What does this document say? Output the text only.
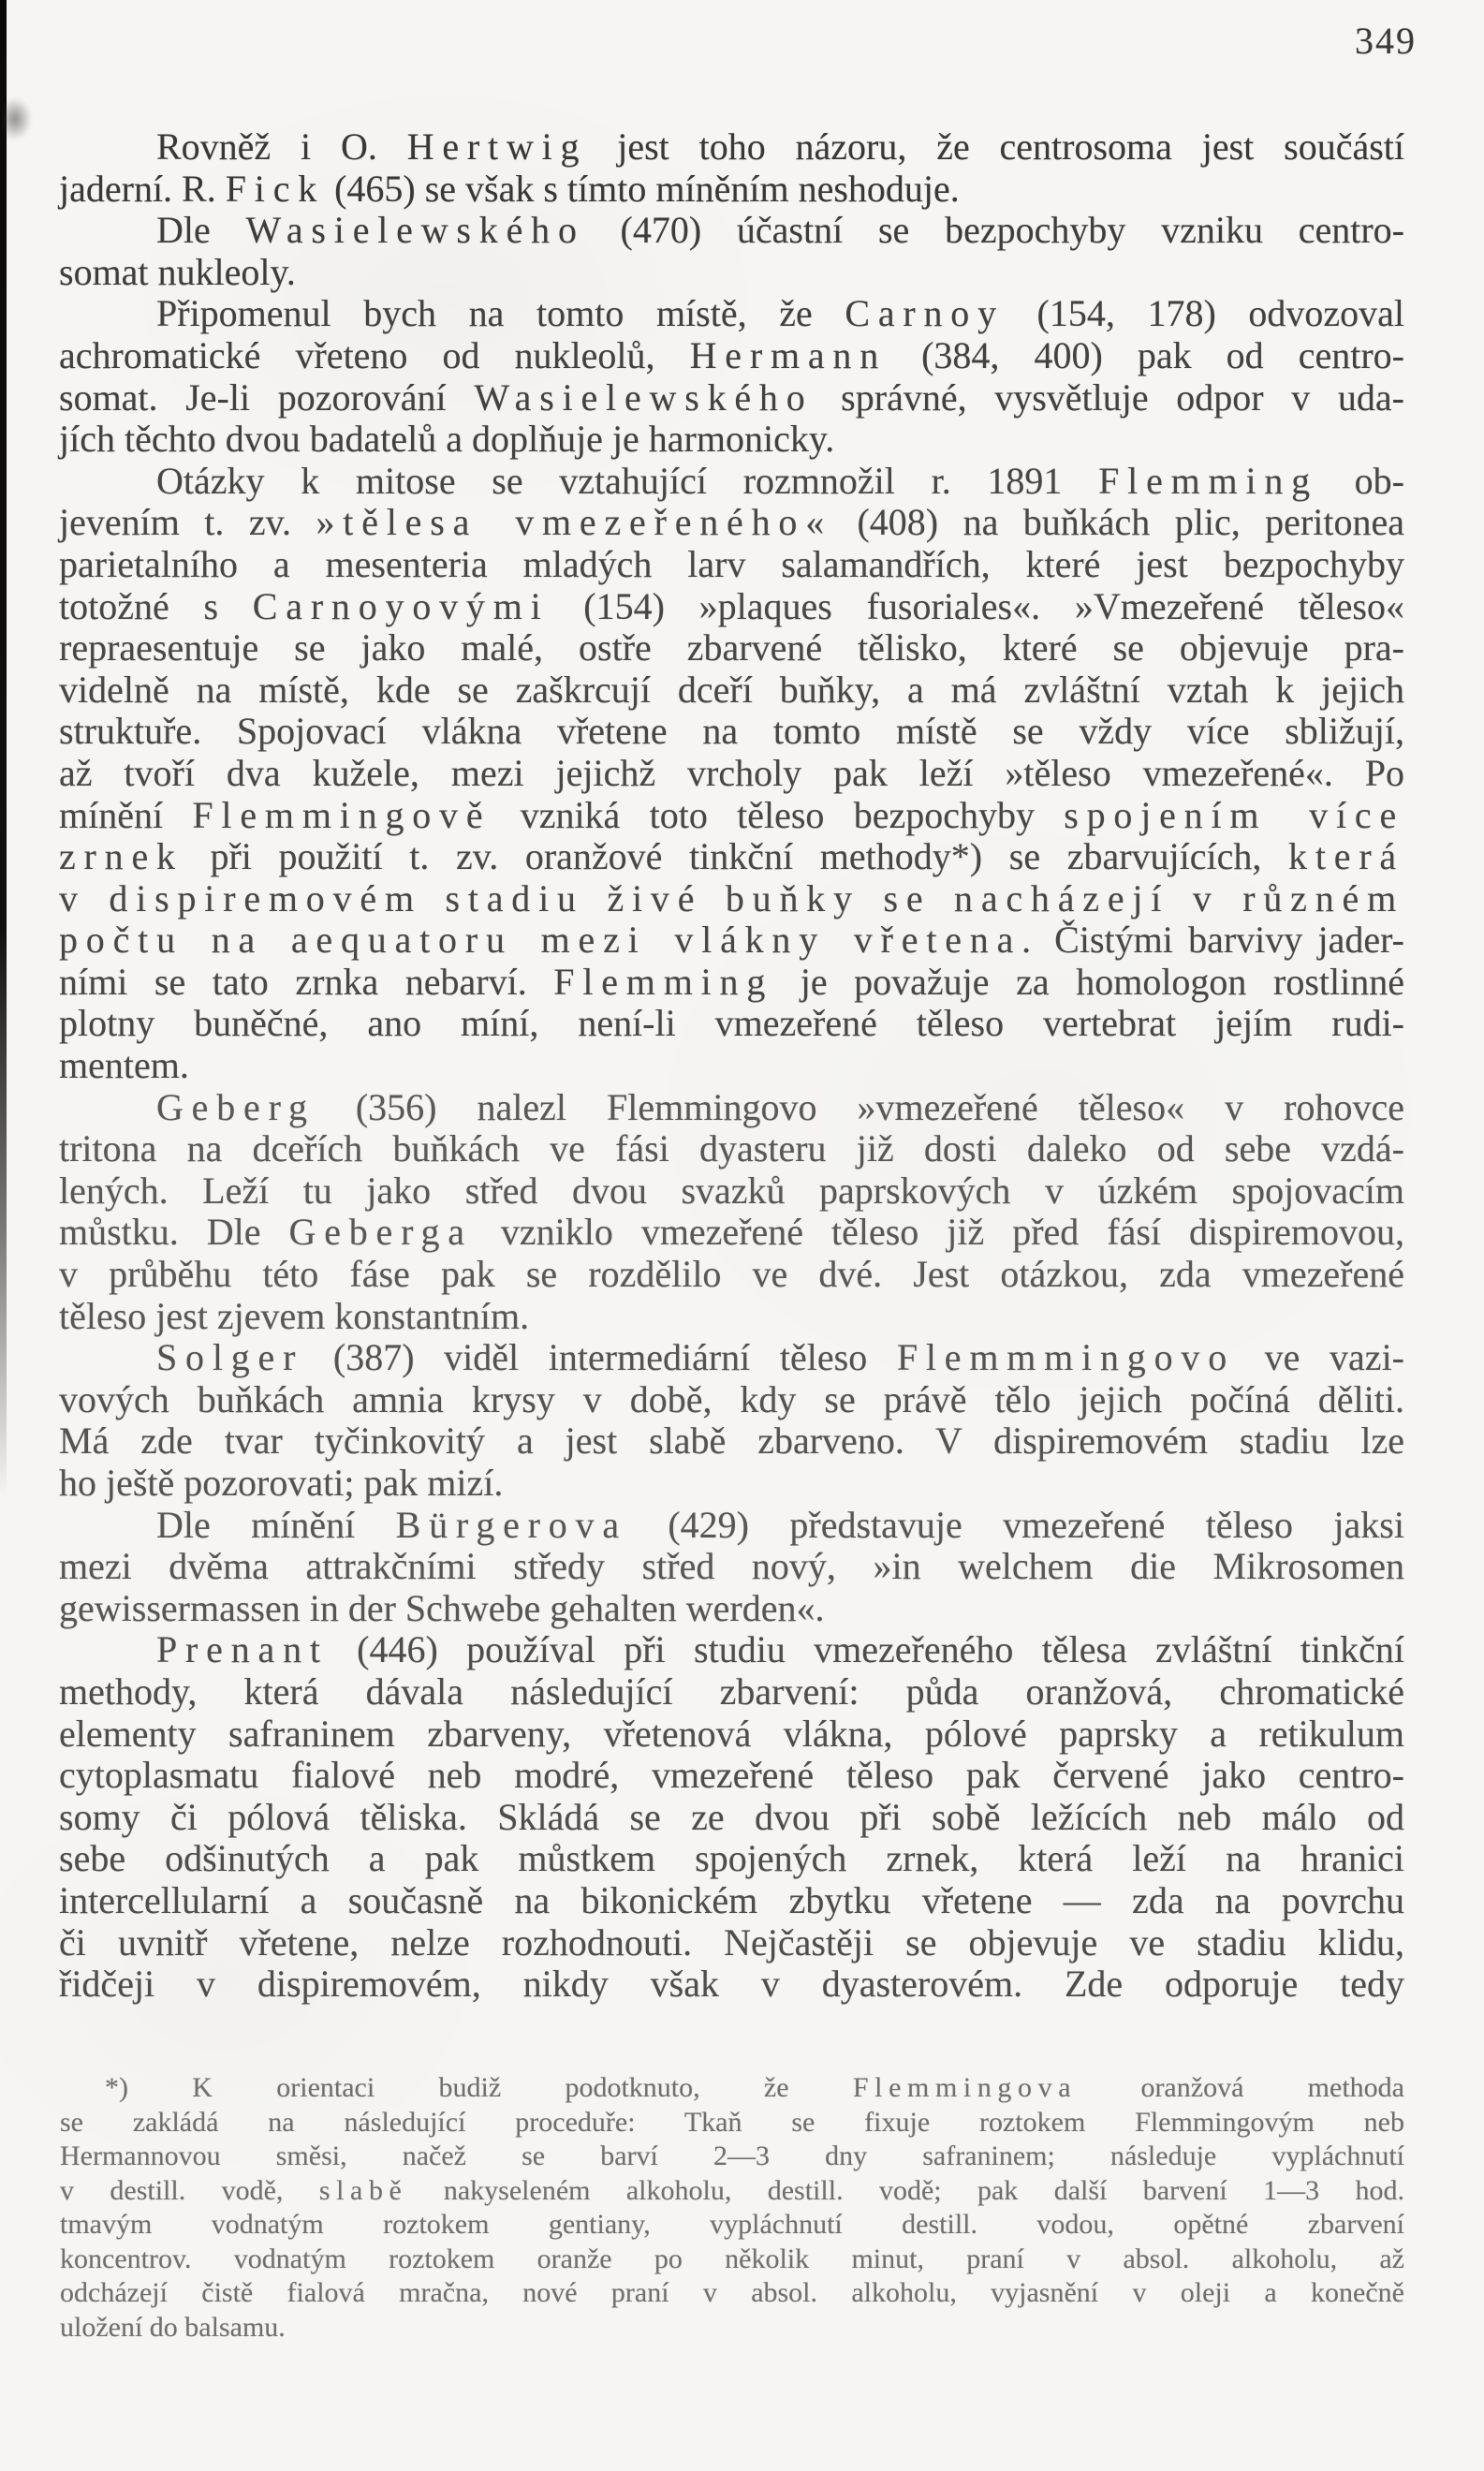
349
Rovněž i O. Hertwig jest toho názoru, že centrosoma jest součástí
jaderní. R. Fick (465) se však s tímto míněním neshoduje.
Dle Wasielewského (470) účastní se bezpochyby vzniku centro-
somat nukleoly.
Připomenul bych na tomto místě, že Carnoy (154, 178) odvozoval
achromatické vřeteno od nukleolů, Hermann (384, 400) pak od centro-
somat. Je-li pozorování Wasielewského správné, vysvětluje odpor v uda-
jích těchto dvou badatelů a doplňuje je harmonicky.
Otázky k mitose se vztahující rozmnožil r. 1891 Flemming ob-
jevením t. zv. »tělesa vmezeřeného« (408) na buňkách plic, peritonea
parietalního a mesenteria mladých larv salamandřích, které jest bezpochyby
totožné s Carnoyovými (154) »plaques fusoriales«. »Vmezeřené těleso«
repraesentuje se jako malé, ostře zbarvené tělisko, které se objevuje pra-
videlně na místě, kde se zaškrcují dceří buňky, a má zvláštní vztah k jejich
struktuře. Spojovací vlákna vřetene na tomto místě se vždy více sbližují,
až tvoří dva kužele, mezi jejichž vrcholy pak leží »těleso vmezeřené«. Po
mínění Flemmingově vzniká toto těleso bezpochyby spojením více
zrnek při použití t. zv. oranžové tinkční methody*) se zbarvujících, která
v dispiremovém stadiu živé buňky se nacházejí v různém
počtu na aequatoru mezi vlákny vřetena. Čistými barvivy jader-
ními se tato zrnka nebarví. Flemming je považuje za homologon rostlinné
plotny buněčné, ano míní, není-li vmezeřené těleso vertebrat jejím rudi-
mentem.
Geberg (356) nalezl Flemmingovo »vmezeřené těleso« v rohovce
tritona na dceřích buňkách ve fási dyasteru již dosti daleko od sebe vzdá-
lených. Leží tu jako střed dvou svazků paprskových v úzkém spojovacím
můstku. Dle Geberga vzniklo vmezeřené těleso již před fásí dispiremovou,
v průběhu této fáse pak se rozdělilo ve dvé. Jest otázkou, zda vmezeřené
těleso jest zjevem konstantním.
Solger (387) viděl intermediární těleso Flemmmingovo ve vazi-
vových buňkách amnia krysy v době, kdy se právě tělo jejich počíná děliti.
Má zde tvar tyčinkovitý a jest slabě zbarveno. V dispiremovém stadiu lze
ho ještě pozorovati; pak mizí.
Dle mínění Bürgerova (429) představuje vmezeřené těleso jaksi
mezi dvěma attrakčními středy střed nový, »in welchem die Mikrosomen
gewissermassen in der Schwebe gehalten werden«.
Prenant (446) používal při studiu vmezeřeného tělesa zvláštní tinkční
methody, která dávala následující zbarvení: půda oranžová, chromatické
elementy safraninem zbarveny, vřetenová vlákna, pólové paprsky a retikulum
cytoplasmatu fialové neb modré, vmezeřené těleso pak červené jako centro-
somy či pólová těliska. Skládá se ze dvou při sobě ležících neb málo od
sebe odšinutých a pak můstkem spojených zrnek, která leží na hranici
intercellularní a současně na bikonickém zbytku vřetene — zda na povrchu
či uvnitř vřetene, nelze rozhodnouti. Nejčastěji se objevuje ve stadiu klidu,
řidčeji v dispiremovém, nikdy však v dyasterovém. Zde odporuje tedy
*) K orientaci budiž podotknuto, že Flemmingova oranžová methoda
se zakládá na následující proceduře: Tkaň se fixuje roztokem Flemmingovým neb
Hermannovou směsi, načež se barví 2—3 dny safraninem; následuje vypláchnutí
v destill. vodě, slabě nakyseleném alkoholu, destill. vodě; pak další barvení 1—3 hod.
tmavým vodnatým roztokem gentiany, vypláchnutí destill. vodou, opětné zbarvení
koncentrov. vodnatým roztokem oranže po několik minut, praní v absol. alkoholu, až
odcházejí čistě fialová mračna, nové praní v absol. alkoholu, vyjasnění v oleji a konečně
uložení do balsamu.
